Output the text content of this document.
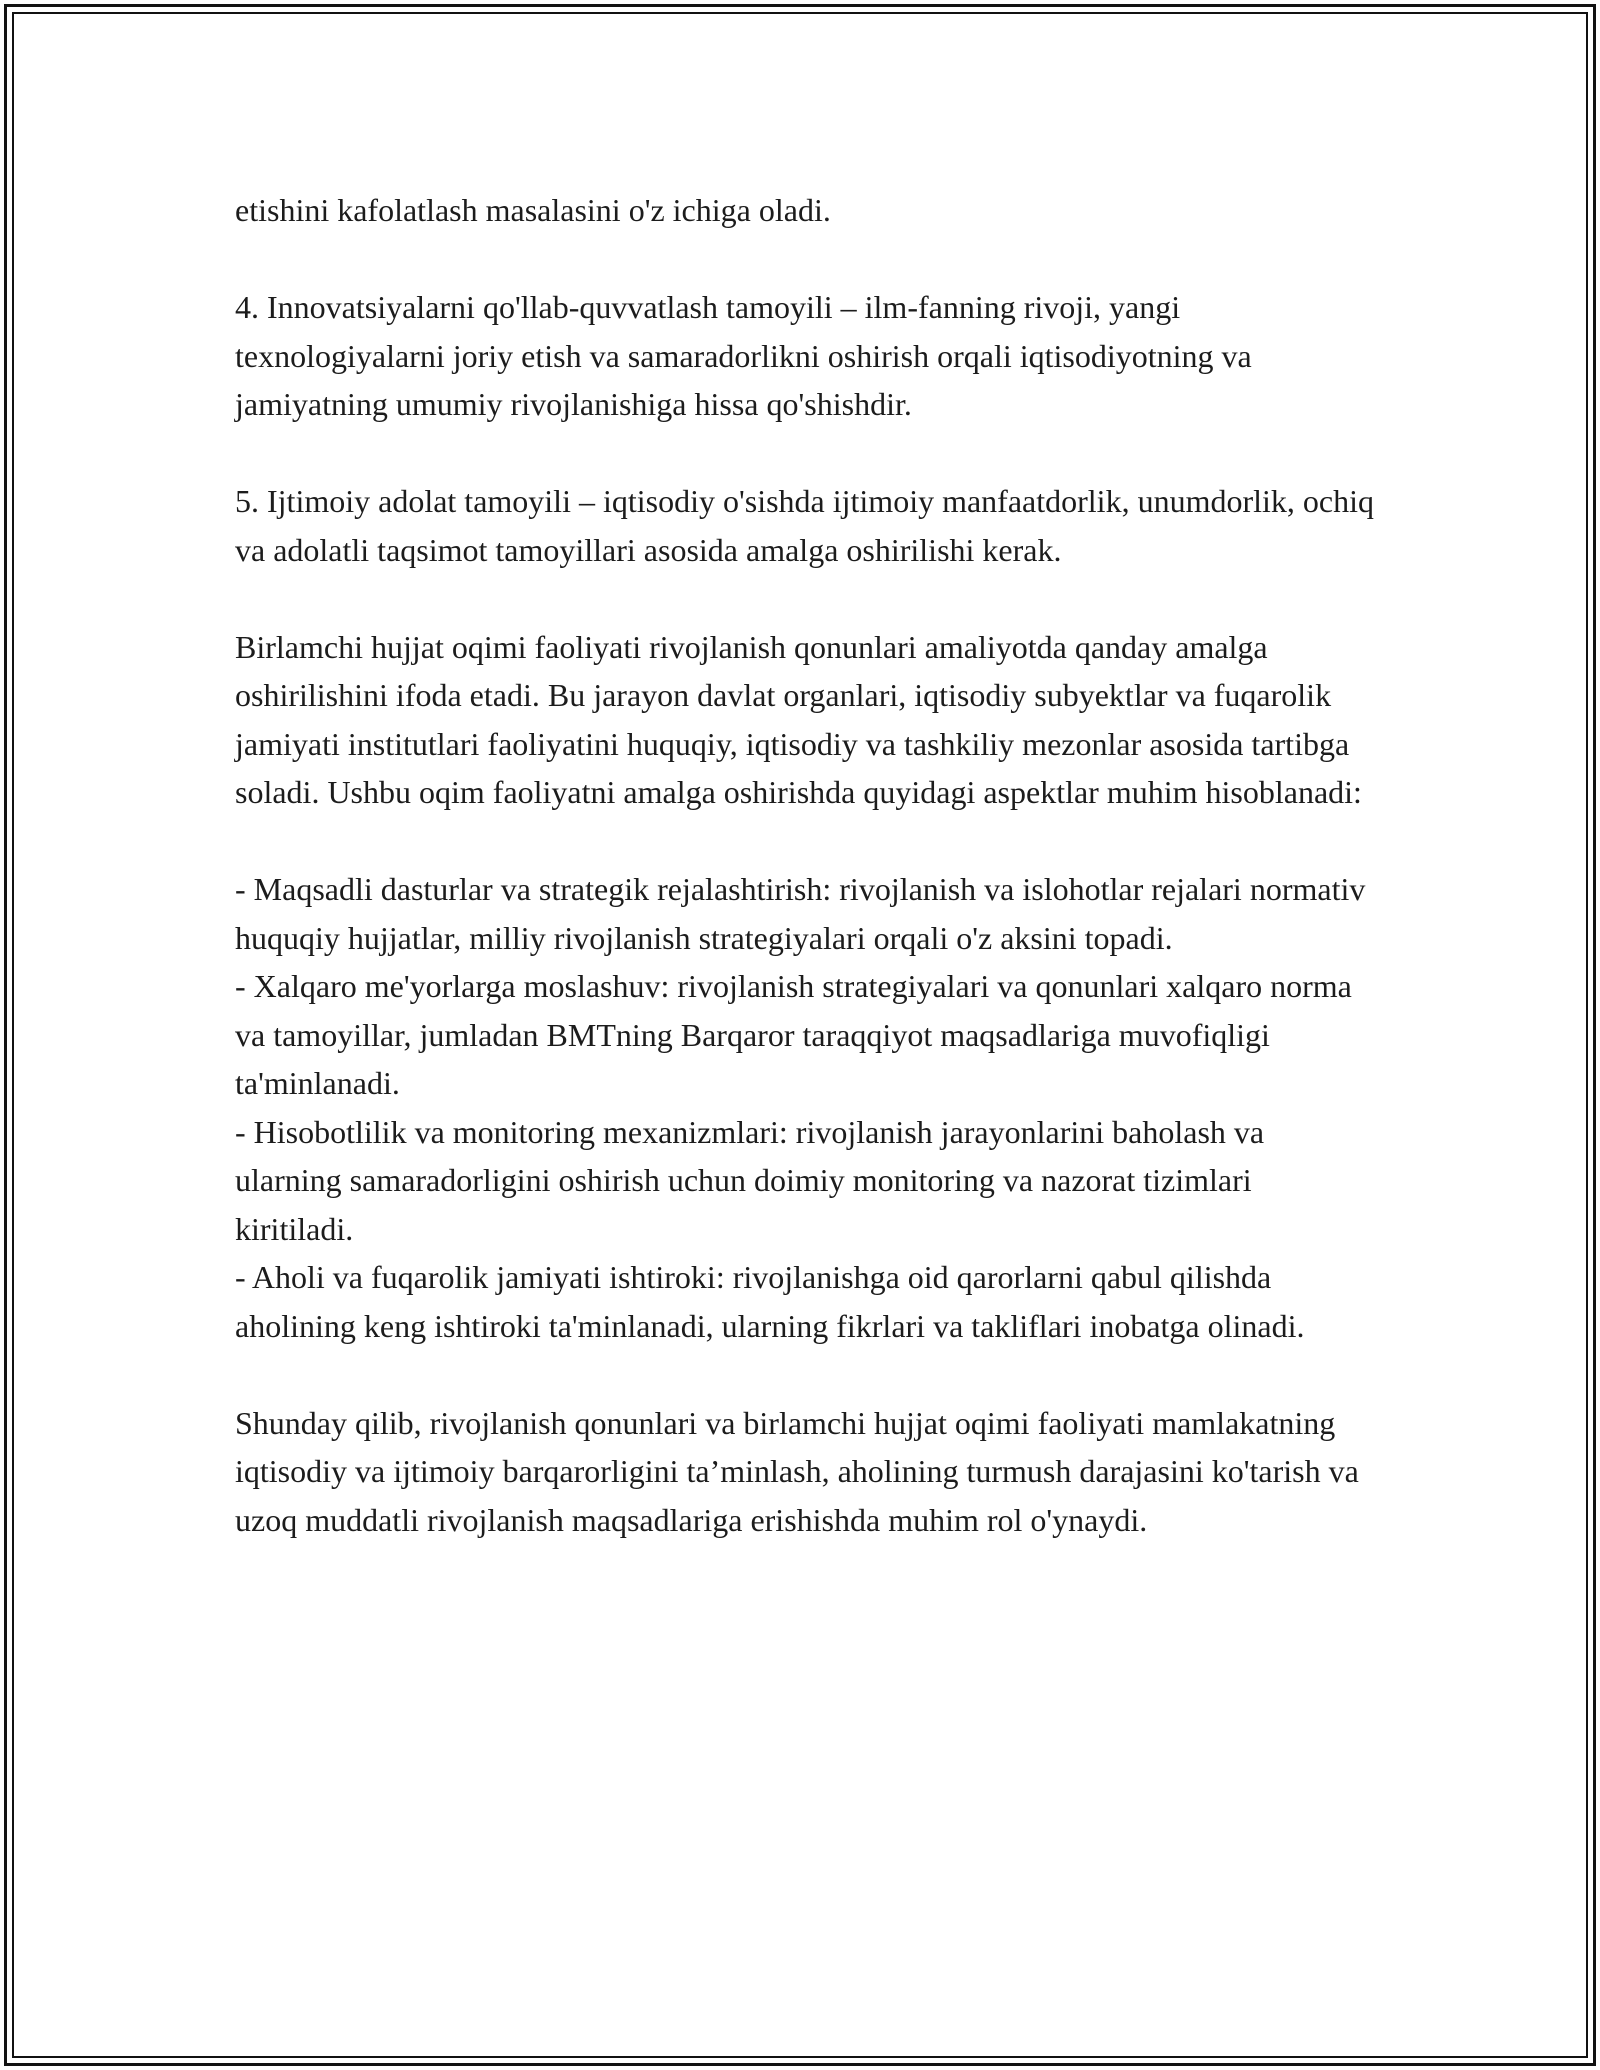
etishini kafolatlash masalasini o'z ichiga oladi.

4. Innovatsiyalarni qo'llab-quvvatlash tamoyili – ilm-fanning rivoji, yangi texnologiyalarni joriy etish va samaradorlikni oshirish orqali iqtisodiyotning va jamiyatning umumiy rivojlanishiga hissa qo'shishdir.

5. Ijtimoiy adolat tamoyili – iqtisodiy o'sishda ijtimoiy manfaatdorlik, unumdorlik, ochiq va adolatli taqsimot tamoyillari asosida amalga oshirilishi kerak.

Birlamchi hujjat oqimi faoliyati rivojlanish qonunlari amaliyotda qanday amalga oshirilishini ifoda etadi. Bu jarayon davlat organlari, iqtisodiy subyektlar va fuqarolik jamiyati institutlari faoliyatini huquqiy, iqtisodiy va tashkiliy mezonlar asosida tartibga soladi. Ushbu oqim faoliyatni amalga oshirishda quyidagi aspektlar muhim hisoblanadi:

- Maqsadli dasturlar va strategik rejalashtirish: rivojlanish va islohotlar rejalari normativ huquqiy hujjatlar, milliy rivojlanish strategiyalari orqali o'z aksini topadi.

- Xalqaro me'yorlarga moslashuv: rivojlanish strategiyalari va qonunlari xalqaro norma va tamoyillar, jumladan BMTning Barqaror taraqqiyot maqsadlariga muvofiqligi ta'minlanadi.

- Hisobotlilik va monitoring mexanizmlari: rivojlanish jarayonlarini baholash va ularning samaradorligini oshirish uchun doimiy monitoring va nazorat tizimlari kiritiladi.

- Aholi va fuqarolik jamiyati ishtiroki: rivojlanishga oid qarorlarni qabul qilishda aholining keng ishtiroki ta'minlanadi, ularning fikrlari va takliflari inobatga olinadi.

Shunday qilib, rivojlanish qonunlari va birlamchi hujjat oqimi faoliyati mamlakatning iqtisodiy va ijtimoiy barqarorligini ta’minlash, aholining turmush darajasini ko'tarish va uzoq muddatli rivojlanish maqsadlariga erishishda muhim rol o'ynaydi.
